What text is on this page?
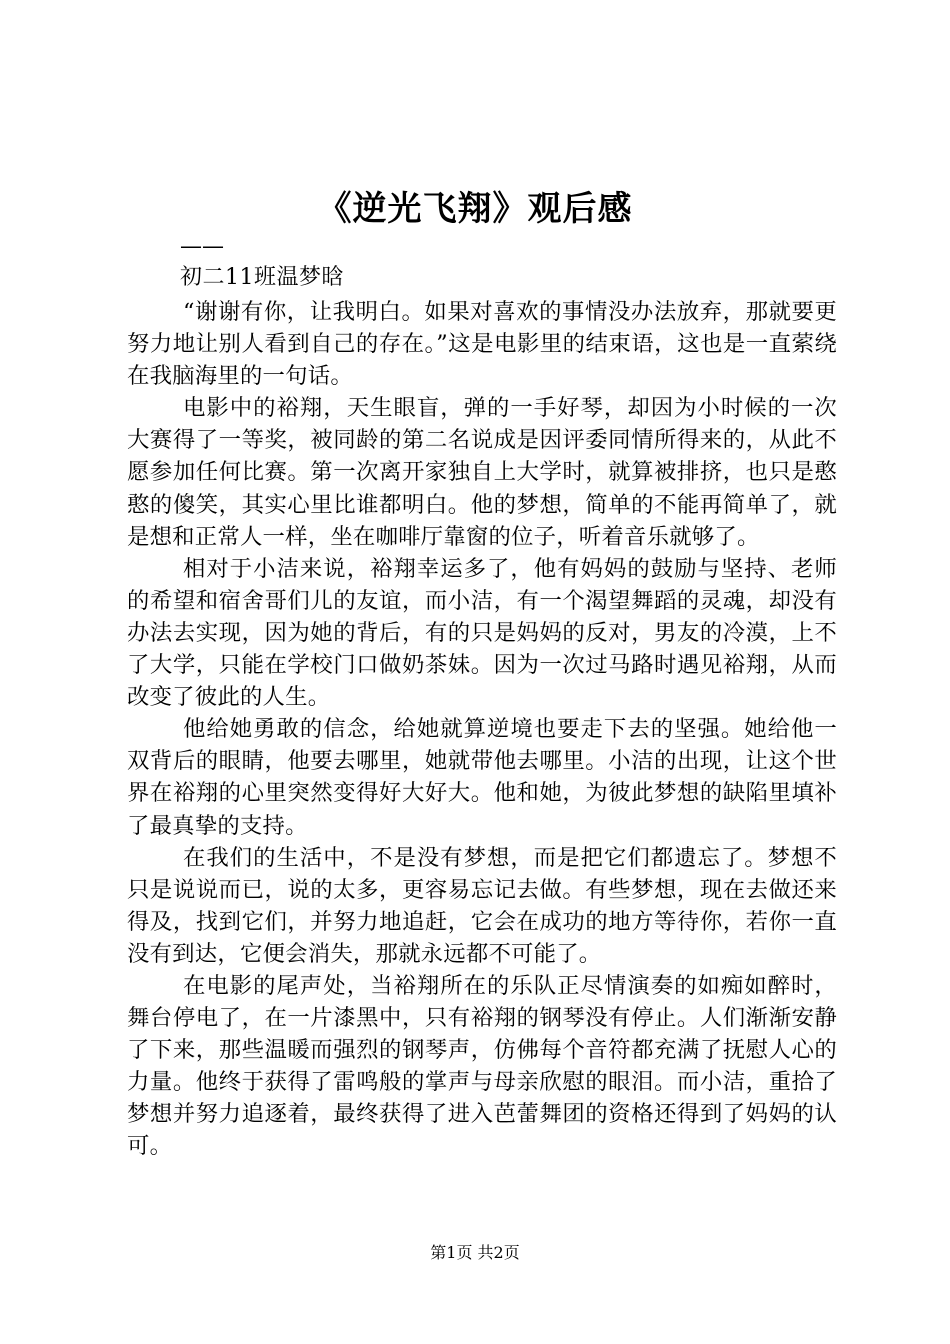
《逆光飞翔》观后感
——
初二11班温梦晗

“谢谢有你，让我明白。如果对喜欢的事情没办法放弃，那就要更努力地让别人看到自己的存在。”这是电影里的结束语，这也是一直萦绕在我脑海里的一句话。

电影中的裕翔，天生眼盲，弹的一手好琴，却因为小时候的一次大赛得了一等奖，被同龄的第二名说成是因评委同情所得来的，从此不愿参加任何比赛。第一次离开家独自上大学时，就算被排挤，也只是憨憨的傻笑，其实心里比谁都明白。他的梦想，简单的不能再简单了，就是想和正常人一样，坐在咖啡厅靠窗的位子，听着音乐就够了。

相对于小洁来说，裕翔幸运多了，他有妈妈的鼓励与坚持、老师的希望和宿舍哥们儿的友谊，而小洁，有一个渴望舞蹈的灵魂，却没有办法去实现，因为她的背后，有的只是妈妈的反对，男友的冷漠，上不了大学，只能在学校门口做奶茶妹。因为一次过马路时遇见裕翔，从而改变了彼此的人生。

他给她勇敢的信念，给她就算逆境也要走下去的坚强。她给他一双背后的眼睛，他要去哪里，她就带他去哪里。小洁的出现，让这个世界在裕翔的心里突然变得好大好大。他和她，为彼此梦想的缺陷里填补了最真挚的支持。

在我们的生活中，不是没有梦想，而是把它们都遗忘了。梦想不只是说说而已，说的太多，更容易忘记去做。有些梦想，现在去做还来得及，找到它们，并努力地追赶，它会在成功的地方等待你，若你一直没有到达，它便会消失，那就永远都不可能了。

在电影的尾声处，当裕翔所在的乐队正尽情演奏的如痴如醉时，舞台停电了，在一片漆黑中，只有裕翔的钢琴没有停止。人们渐渐安静了下来，那些温暖而强烈的钢琴声，仿佛每个音符都充满了抚慰人心的力量。他终于获得了雷鸣般的掌声与母亲欣慰的眼泪。而小洁，重拾了梦想并努力追逐着，最终获得了进入芭蕾舞团的资格还得到了妈妈的认可。

第1页 共2页
